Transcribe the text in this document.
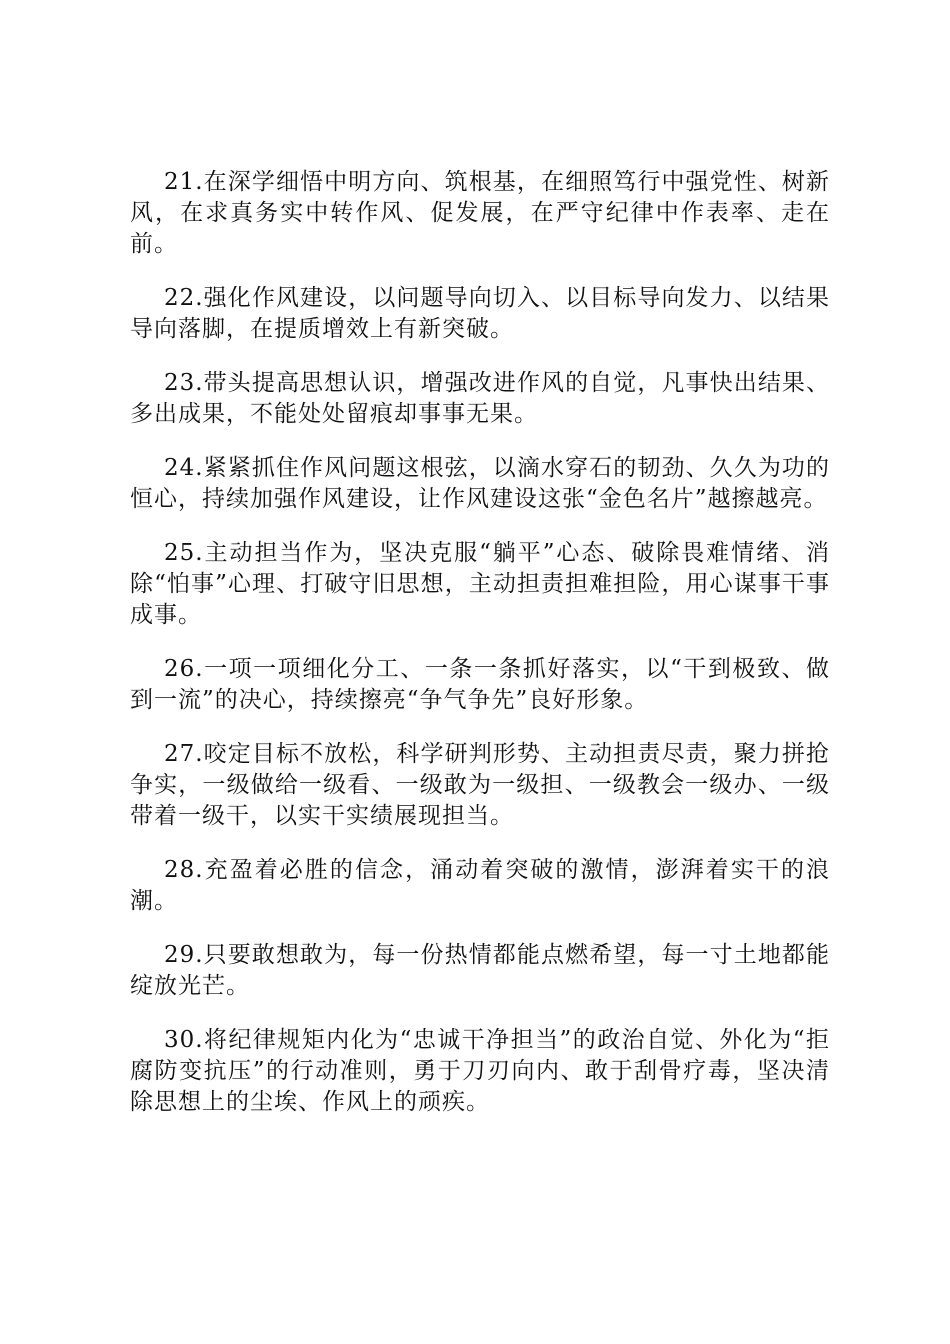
21.在深学细悟中明方向、筑根基，在细照笃行中强党性、树新风，在求真务实中转作风、促发展，在严守纪律中作表率、走在前。

22.强化作风建设，以问题导向切入、以目标导向发力、以结果导向落脚，在提质增效上有新突破。

23.带头提高思想认识，增强改进作风的自觉，凡事快出结果、多出成果，不能处处留痕却事事无果。

24.紧紧抓住作风问题这根弦，以滴水穿石的韧劲、久久为功的恒心，持续加强作风建设，让作风建设这张“金色名片”越擦越亮。

25.主动担当作为，坚决克服“躺平”心态、破除畏难情绪、消除“怕事”心理、打破守旧思想，主动担责担难担险，用心谋事干事成事。

26.一项一项细化分工、一条一条抓好落实，以“干到极致、做到一流”的决心，持续擦亮“争气争先”良好形象。

27.咬定目标不放松，科学研判形势、主动担责尽责，聚力拼抢争实，一级做给一级看、一级敢为一级担、一级教会一级办、一级带着一级干，以实干实绩展现担当。

28.充盈着必胜的信念，涌动着突破的激情，澎湃着实干的浪潮。

29.只要敢想敢为，每一份热情都能点燃希望，每一寸土地都能绽放光芒。

30.将纪律规矩内化为“忠诚干净担当”的政治自觉、外化为“拒腐防变抗压”的行动准则，勇于刀刃向内、敢于刮骨疗毒，坚决清除思想上的尘埃、作风上的顽疾。
